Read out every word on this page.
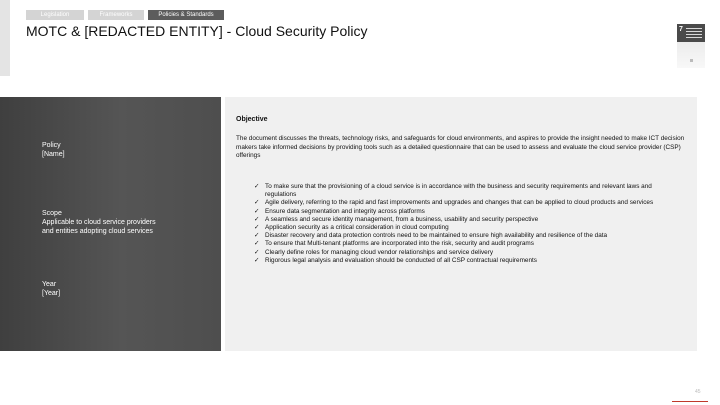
Legislation	Frameworks	Policies & Standards
MOTC & [REDACTED ENTITY] - Cloud Security Policy	7
Policy
[Name]
Scope
Applicable to cloud service providers
and entities adopting cloud services
Year
[Year]
Objective
The document discusses the threats, technology risks, and safeguards for cloud environments, and aspires to provide the insight needed to make ICT decision makers take informed decisions by providing tools such as a detailed questionnaire that can be used to assess and evaluate the cloud service provider (CSP) offerings
✓ To make sure that the provisioning of a cloud service is in accordance with the business and security requirements and relevant laws and regulations
✓ Agile delivery, referring to the rapid and fast improvements and upgrades and changes that can be applied to cloud products and services
✓ Ensure data segmentation and integrity across platforms
✓ A seamless and secure identity management, from a business, usability and security perspective
✓ Application security as a critical consideration in cloud computing
✓ Disaster recovery and data protection controls need to be maintained to ensure high availability and resilience of the data
✓ To ensure that Multi-tenant platforms are incorporated into the risk, security and audit programs
✓ Clearly define roles for managing cloud vendor relationships and service delivery
✓ Rigorous legal analysis and evaluation should be conducted of all CSP contractual requirements
45
